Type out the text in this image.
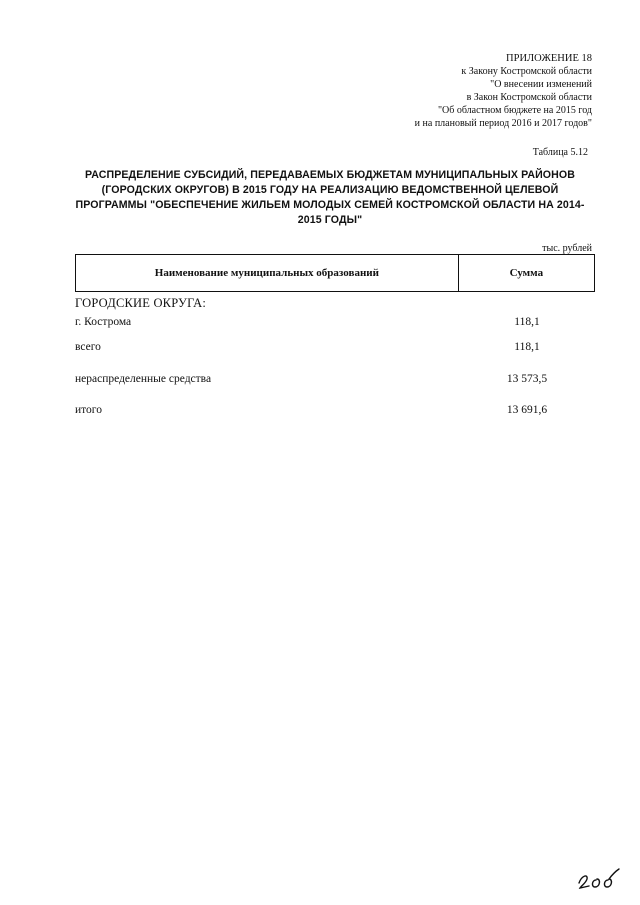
ПРИЛОЖЕНИЕ 18
к Закону Костромской области
"О внесении изменений
в Закон Костромской области
"Об областном бюджете на 2015 год
и на плановый период 2016 и 2017 годов"
Таблица 5.12
РАСПРЕДЕЛЕНИЕ СУБСИДИЙ, ПЕРЕДАВАЕМЫХ БЮДЖЕТАМ МУНИЦИПАЛЬНЫХ РАЙОНОВ
(ГОРОДСКИХ ОКРУГОВ) В 2015 ГОДУ НА РЕАЛИЗАЦИЮ ВЕДОМСТВЕННОЙ ЦЕЛЕВОЙ
ПРОГРАММЫ "ОБЕСПЕЧЕНИЕ ЖИЛЬЕМ МОЛОДЫХ СЕМЕЙ КОСТРОМСКОЙ ОБЛАСТИ НА 2014-
2015 ГОДЫ"
тыс. рублей
Наименование муниципальных образований	Сумма
ГОРОДСКИЕ ОКРУГА:
г. Кострома	118,1
всего	118,1
нераспределенные средства	13 573,5
итого	13 691,6
